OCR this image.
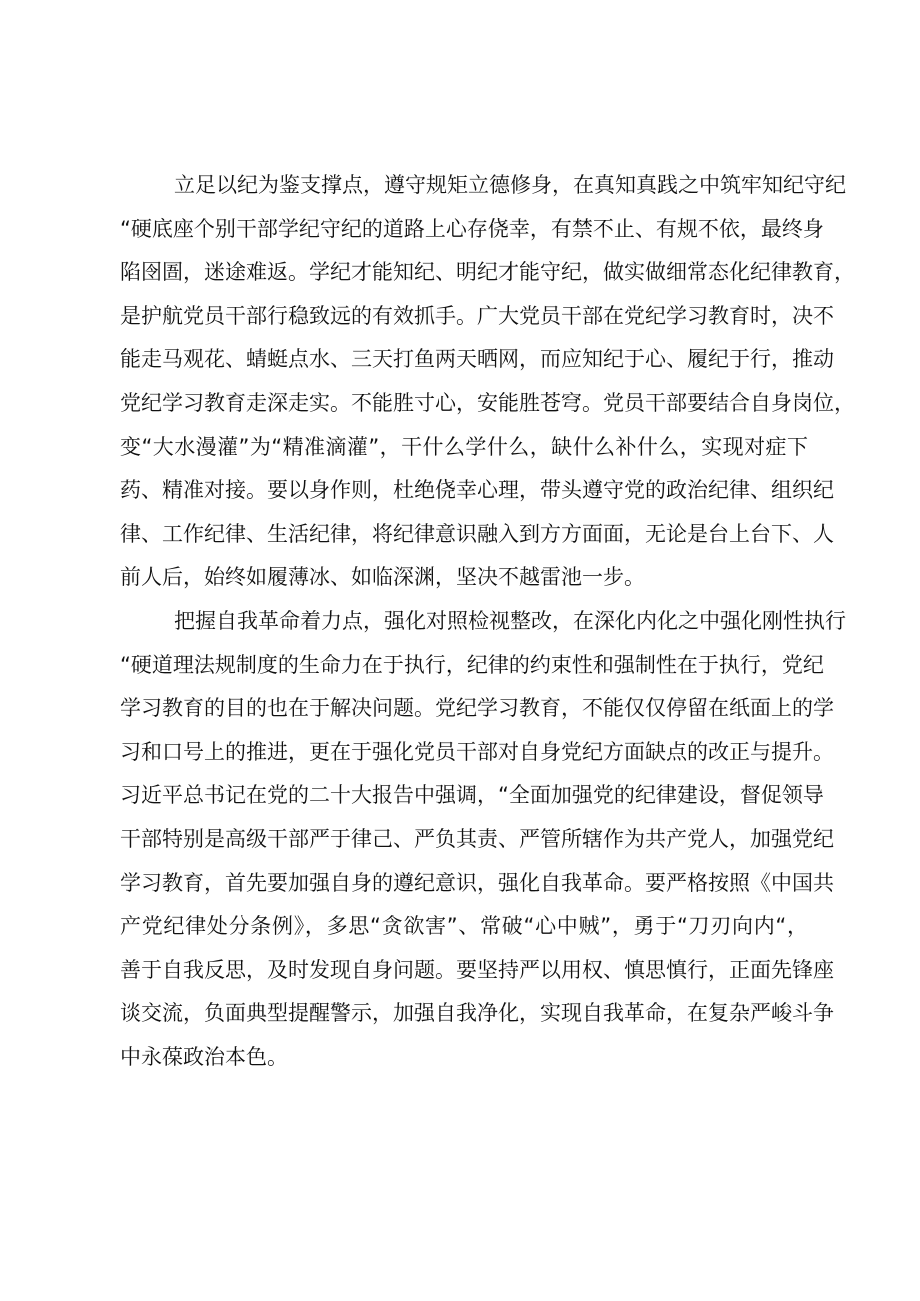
立足以纪为鉴支撑点，遵守规矩立德修身，在真知真践之中筑牢知纪守纪
“硬底座个别干部学纪守纪的道路上心存侥幸，有禁不止、有规不依，最终身
陷囹圄，迷途难返。学纪才能知纪、明纪才能守纪，做实做细常态化纪律教育，
是护航党员干部行稳致远的有效抓手。广大党员干部在党纪学习教育时，决不
能走马观花、蜻蜓点水、三天打鱼两天晒网，而应知纪于心、履纪于行，推动
党纪学习教育走深走实。不能胜寸心，安能胜苍穹。党员干部要结合自身岗位，
变“大水漫灌”为“精准滴灌”，干什么学什么，缺什么补什么，实现对症下
药、精准对接。要以身作则，杜绝侥幸心理，带头遵守党的政治纪律、组织纪
律、工作纪律、生活纪律，将纪律意识融入到方方面面，无论是台上台下、人
前人后，始终如履薄冰、如临深渊，坚决不越雷池一步。
把握自我革命着力点，强化对照检视整改，在深化内化之中强化刚性执行
“硬道理法规制度的生命力在于执行，纪律的约束性和强制性在于执行，党纪
学习教育的目的也在于解决问题。党纪学习教育，不能仅仅停留在纸面上的学
习和口号上的推进，更在于强化党员干部对自身党纪方面缺点的改正与提升。
习近平总书记在党的二十大报告中强调，“全面加强党的纪律建设，督促领导
干部特别是高级干部严于律己、严负其责、严管所辖作为共产党人，加强党纪
学习教育，首先要加强自身的遵纪意识，强化自我革命。要严格按照《中国共
产党纪律处分条例》，多思“贪欲害”、常破“心中贼”，勇于“刀刃向内“，
善于自我反思，及时发现自身问题。要坚持严以用权、慎思慎行，正面先锋座
谈交流，负面典型提醒警示，加强自我净化，实现自我革命，在复杂严峻斗争
中永葆政治本色。
